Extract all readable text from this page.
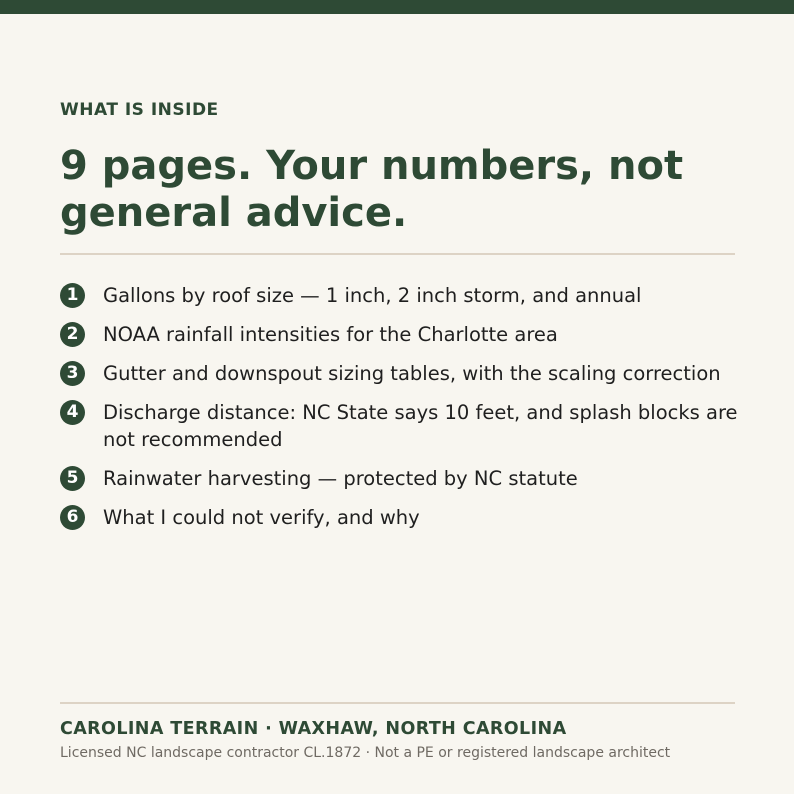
WHAT IS INSIDE

9 pages. Your numbers, not general advice.
1	Gallons by roof size — 1 inch, 2 inch storm, and annual
2	NOAA rainfall intensities for the Charlotte area
3	Gutter and downspout sizing tables, with the scaling correction
4	Discharge distance: NC State says 10 feet, and splash blocks are not recommended
5	Rainwater harvesting — protected by NC statute
6	What I could not verify, and why

CAROLINA TERRAIN · WAXHAW, NORTH CAROLINA

Licensed NC landscape contractor CL.1872 · Not a PE or registered landscape architect
